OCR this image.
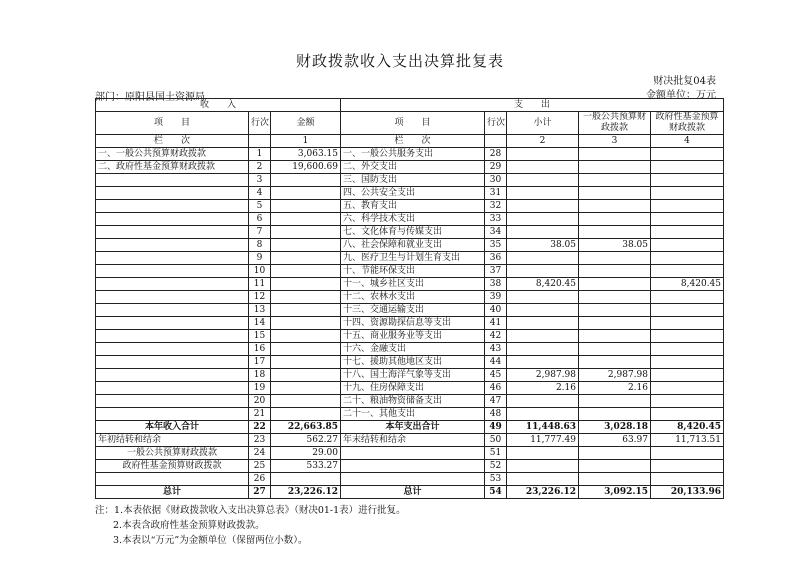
财政拨款收入支出决算批复表
财决批复04表
部门：原阳县国土资源局	金额单位：万元
收　　入			支　　出				
项　　目	行次	金额	项　　目	行次	小计	一般公共预算财政拨款	政府性基金预算财政拨款
栏　　次		1	栏　　次		2	3	4
一、一般公共预算财政拨款	1	3,063.15	一、一般公共服务支出	28			
二、政府性基金预算财政拨款	2	19,600.69	二、外交支出	29			
	3		三、国防支出	30			
	4		四、公共安全支出	31			
	5		五、教育支出	32			
	6		六、科学技术支出	33			
	7		七、文化体育与传媒支出	34			
	8		八、社会保障和就业支出	35	38.05	38.05	
	9		九、医疗卫生与计划生育支出	36			
	10		十、节能环保支出	37			
	11		十一、城乡社区支出	38	8,420.45		8,420.45
	12		十二、农林水支出	39			
	13		十三、交通运输支出	40			
	14		十四、资源勘探信息等支出	41			
	15		十五、商业服务业等支出	42			
	16		十六、金融支出	43			
	17		十七、援助其他地区支出	44			
	18		十八、国土海洋气象等支出	45	2,987.98	2,987.98	
	19		十九、住房保障支出	46	2.16	2.16	
	20		二十、粮油物资储备支出	47			
	21		二十一、其他支出	48			
本年收入合计	22	22,663.85	本年支出合计	49	11,448.63	3,028.18	8,420.45
年初结转和结余	23	562.27	年末结转和结余	50	11,777.49	63.97	11,713.51
一般公共预算财政拨款	24	29.00		51			
政府性基金预算财政拨款	25	533.27		52			
	26			53			
总计	27	23,226.12	总计	54	23,226.12	3,092.15	20,133.96
注：1.本表依据《财政拨款收入支出决算总表》（财决01-1表）进行批复。
2.本表含政府性基金预算财政拨款。
3.本表以“万元”为金额单位（保留两位小数）。
